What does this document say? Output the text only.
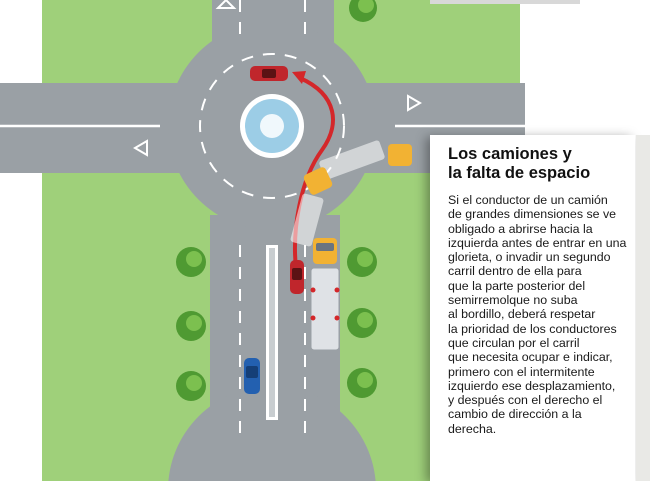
Los camiones y
la falta de espacio
Si el conductor de un camión
de grandes dimensiones se ve
obligado a abrirse hacia la
izquierda antes de entrar en una
glorieta, o invadir un segundo
carril dentro de ella para
que la parte posterior del
semirremolque no suba
al bordillo, deberá respetar
la prioridad de los conductores
que circulan por el carril
que necesita ocupar e indicar,
primero con el intermitente
izquierdo ese desplazamiento,
y después con el derecho el
cambio de dirección a la
derecha.
